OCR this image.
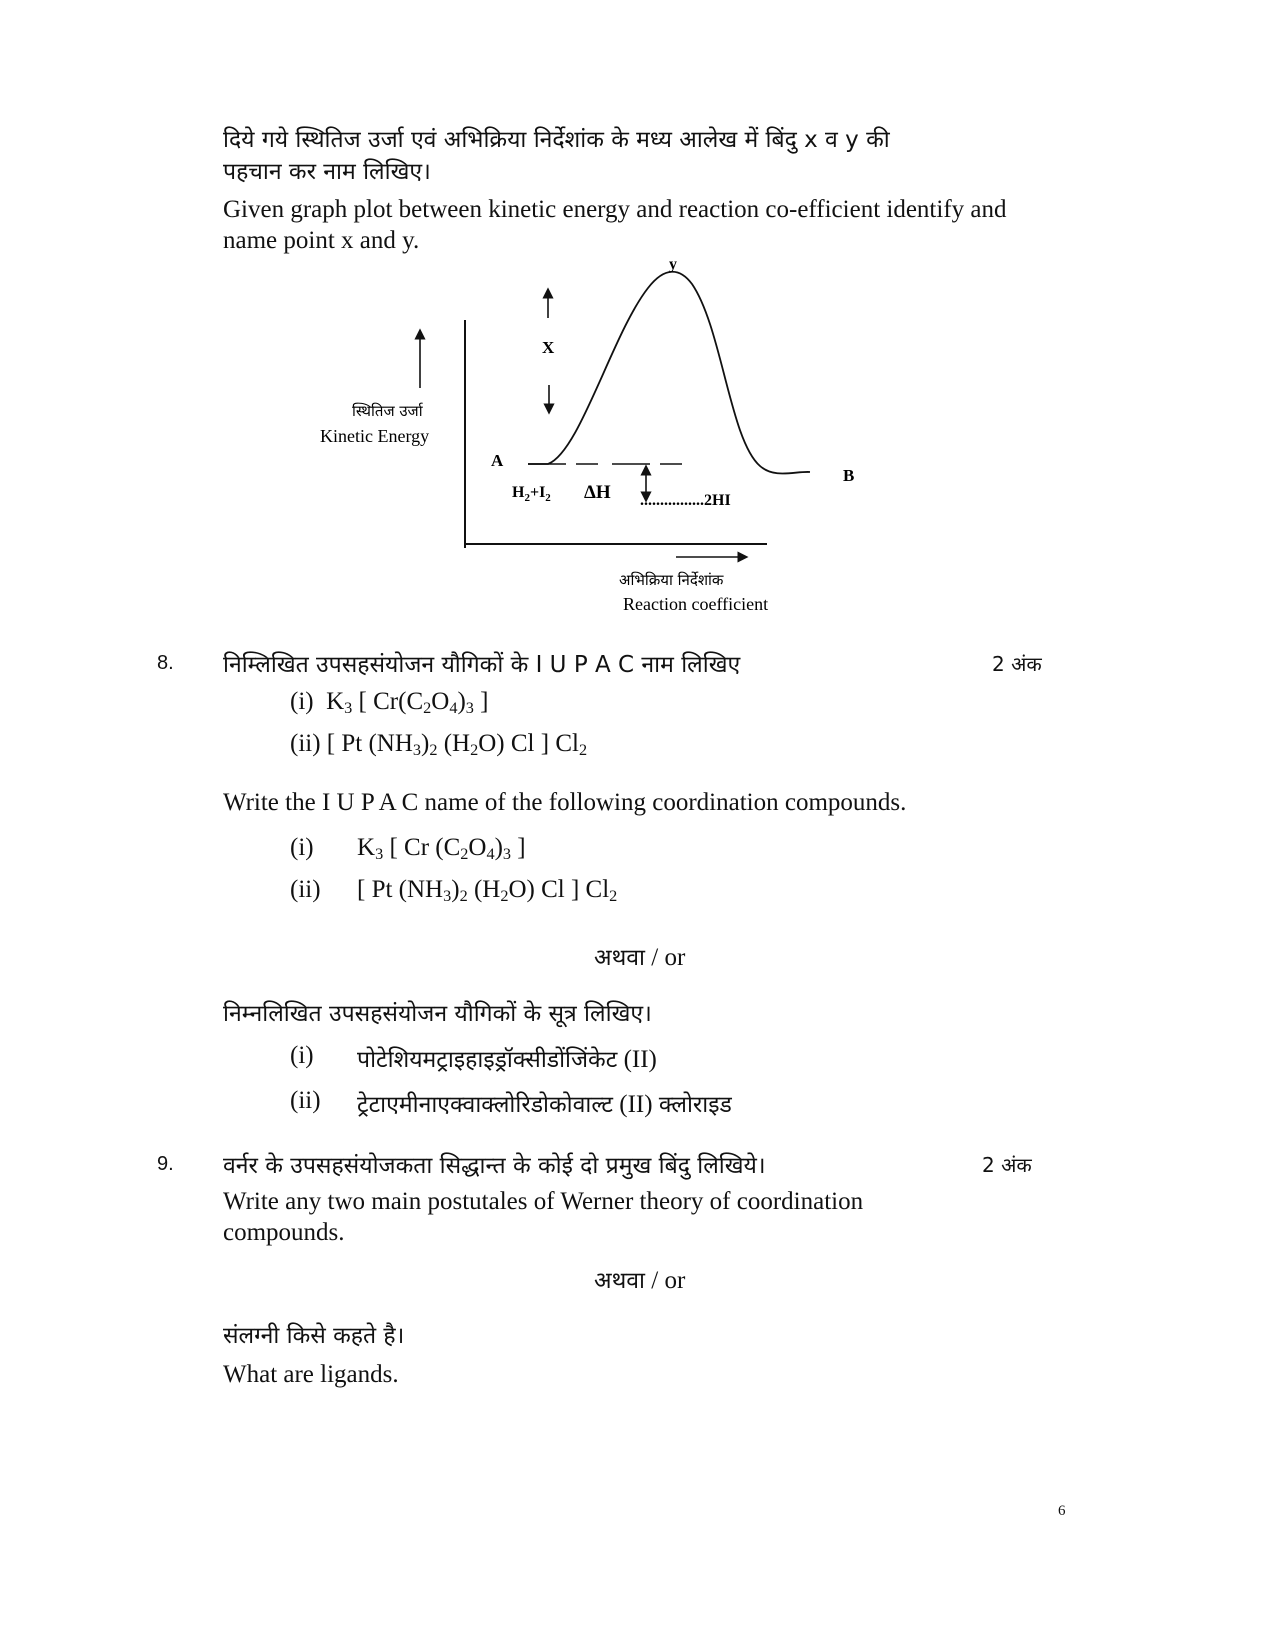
दिये गये स्थितिज उर्जा एवं अभिक्रिया निर्देशांक के मध्य आलेख में बिंदु x व y की
पहचान कर नाम लिखिए।
Given graph plot between kinetic energy and reaction co-efficient identify and
name point x and y.
y
X
A
B
$H_2+I_2$ ΔH ................2HI
स्थितिज उर्जा
Kinetic Energy
अभिक्रिया निर्देशांक
Reaction coefficient
8. निम्लिखित उपसहसंयोजन यौगिकों के I U P A C नाम लिखिए	2 अंक
(i) $K_3$ [ $Cr(C_2O_4)_3$ ]
(ii) [ Pt $(NH_3)_2$ $(H_2O)$ Cl ] $Cl_2$
Write the I U P A C name of the following coordination compounds.
(i) $K_3$ [ Cr $(C_2O_4)_3$ ]
(ii) [ Pt $(NH_3)_2$ $(H_2O)$ Cl ] $Cl_2$
अथवा / or
निम्नलिखित उपसहसंयोजन यौगिकों के सूत्र लिखिए।
(i) पोटेशियमट्राइहाइड्रॉक्सीडोंजिंकेट (II)
(ii) ट्रेटाएमीनाएक्वाक्लोरिडोकोवाल्ट (II) क्लोराइड
9. वर्नर के उपसहसंयोजकता सिद्धान्त के कोई दो प्रमुख बिंदु लिखिये।	2 अंक
Write any two main postutales of Werner theory of coordination
compounds.
अथवा / or
संलग्नी किसे कहते है।
What are ligands.
6
